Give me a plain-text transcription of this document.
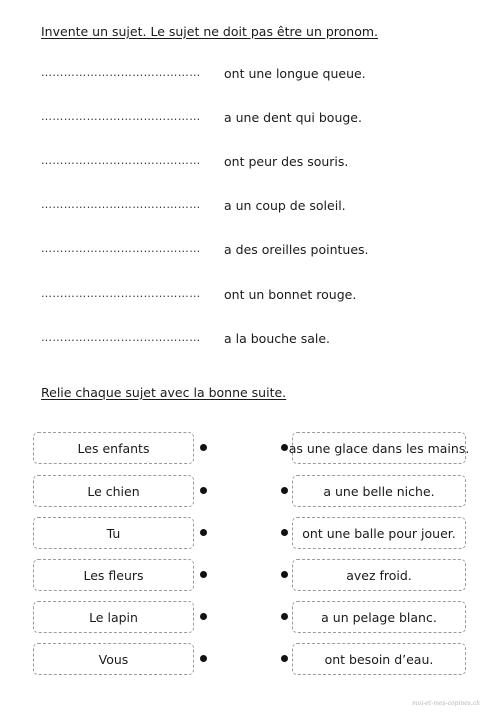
Invente un sujet. Le sujet ne doit pas être un pronom.
…………………………………… ont une longue queue.
…………………………………… a une dent qui bouge.
…………………………………… ont peur des souris.
…………………………………… a un coup de soleil.
…………………………………… a des oreilles pointues.
…………………………………… ont un bonnet rouge.
…………………………………… a la bouche sale.
Relie chaque sujet avec la bonne suite.
Les enfants	as une glace dans les mains.
Le chien	a une belle niche.
Tu	ont une balle pour jouer.
Les fleurs	avez froid.
Le lapin	a un pelage blanc.
Vous	ont besoin d’eau.
moi-et-mes-copines.ch
